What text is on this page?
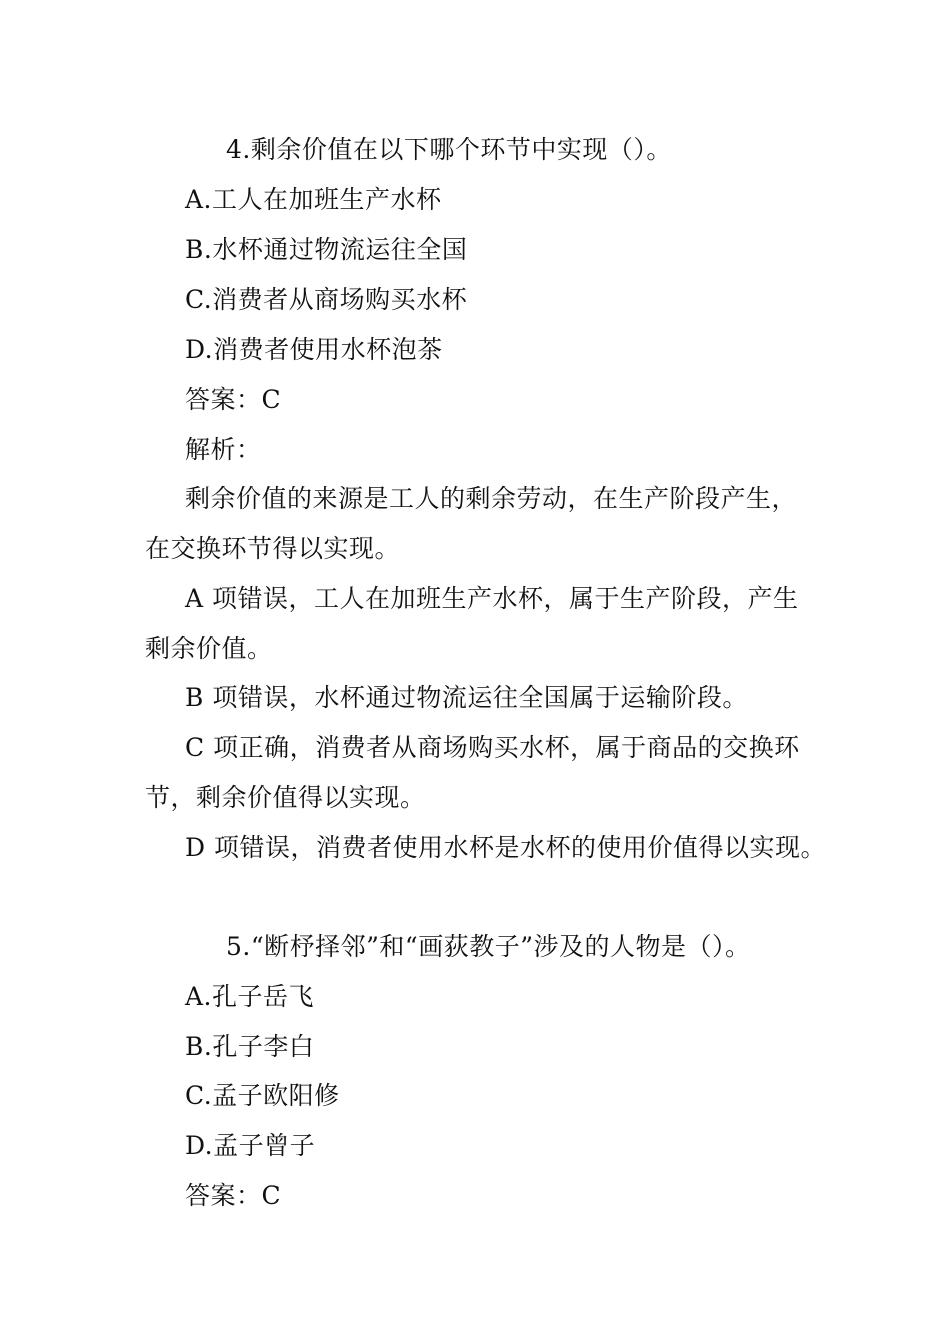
4.剩余价值在以下哪个环节中实现（）。
A.工人在加班生产水杯
B.水杯通过物流运往全国
C.消费者从商场购买水杯
D.消费者使用水杯泡茶
答案：C
解析：
剩余价值的来源是工人的剩余劳动，在生产阶段产生，
在交换环节得以实现。
A 项错误，工人在加班生产水杯，属于生产阶段，产生
剩余价值。
B 项错误，水杯通过物流运往全国属于运输阶段。
C 项正确，消费者从商场购买水杯，属于商品的交换环
节，剩余价值得以实现。
D 项错误，消费者使用水杯是水杯的使用价值得以实现。
5.“断杼择邻”和“画荻教子”涉及的人物是（）。
A.孔子岳飞
B.孔子李白
C.孟子欧阳修
D.孟子曾子
答案：C
